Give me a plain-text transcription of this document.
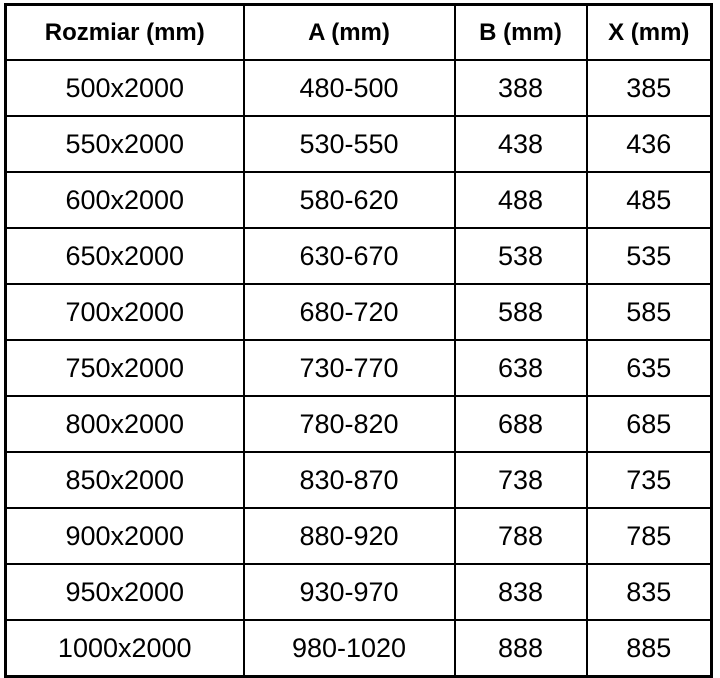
Rozmiar (mm)	A (mm)	B (mm)	X (mm)
500x2000	480-500	388	385
550x2000	530-550	438	436
600x2000	580-620	488	485
650x2000	630-670	538	535
700x2000	680-720	588	585
750x2000	730-770	638	635
800x2000	780-820	688	685
850x2000	830-870	738	735
900x2000	880-920	788	785
950x2000	930-970	838	835
1000x2000	980-1020	888	885
